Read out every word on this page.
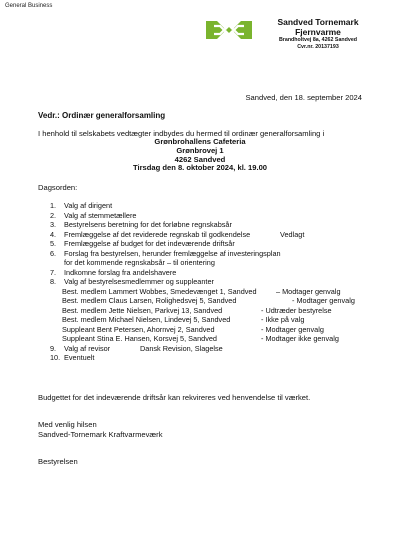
General Business
Sandved Tornemark
Fjernvarme
Brandholtvej 8a, 4262 Sandved
Cvr.nr. 20137193
Sandved, den 18. september 2024
Vedr.: Ordinær generalforsamling
I henhold til selskabets vedtægter indbydes du hermed til ordinær generalforsamling i
Grønbrohallens Cafeteria
Grønbrovej 1
4262 Sandved
Tirsdag den 8. oktober 2024, kl. 19.00
Dagsorden:
1.	Valg af dirigent
2.	Valg af stemmetællere
3.	Bestyrelsens beretning for det forløbne regnskabsår
4.	Fremlæggelse af det reviderede regnskab til godkendelse	Vedlagt
5.	Fremlæggelse af budget for det indeværende driftsår
6.	Forslag fra bestyrelsen, herunder fremlæggelse af investeringsplan
for det kommende regnskabsår – til orientering
7.	Indkomne forslag fra andelshavere
8.	Valg af bestyrelsesmedlemmer og suppleanter
Best. medlem Lammert Wobbes, Smedevænget 1, Sandved	– Modtager genvalg
Best. medlem Claus Larsen, Rolighedsvej 5, Sandved	- Modtager genvalg
Best. medlem Jette Nielsen, Parkvej 13, Sandved	- Udtræder bestyrelse
Best. medlem Michael Nielsen, Lindevej 5, Sandved	- Ikke på valg
Suppleant Bent Petersen, Ahornvej 2, Sandved	- Modtager genvalg
Suppleant Stina E. Hansen, Korsvej 5, Sandved	- Modtager ikke genvalg
9.	Valg af revisor	Dansk Revision, Slagelse
10. Eventuelt
Budgettet for det indeværende driftsår kan rekvireres ved henvendelse til værket.
Med venlig hilsen
Sandved-Tornemark Kraftvarmeværk
Bestyrelsen
